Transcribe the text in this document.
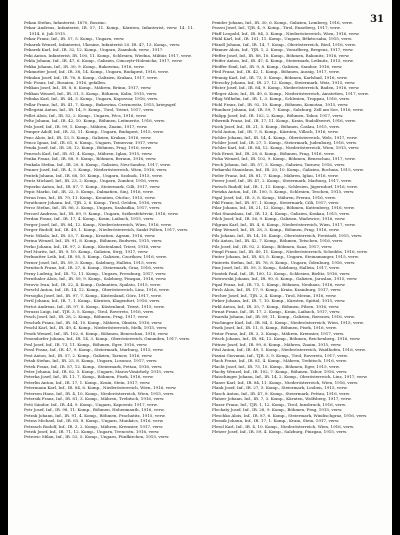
31
Pekan Stefan, Infanterist, 1870, Roszinc.
Pekar Andreas, Infanterist, IR. 57, 11. Komp., Kärnten, Infanterist, verw. 14. 11. 1914, 6. Juli 1915.
Pekar Franz, Inf., IR. 57, 5. Komp., Ungarn, verw.
Pekarek Wenzel, Infanterist, Ukraine, Infanterist 20. IR. 47, 13. Komp., verw.
Pekarek Karl, Inf., IR. 32, 12. Komp., Ungarn, Zsambok, verw., 1917.
Peki Anton, Infanterist, IR. 100, 11. Komp., Schlesien, Wiedna, Militär, 1917, verw.
Pekla Johann, Inf., IR. 47, 6. Komp., Galizien, Cimczytr-Holenicha, 1917, verw.
Pekka Johann, Inf., IR. 30, 9. Komp., Bukowina, 1916, verw.
Pekmutter Josef, Inf., IR. 38, 14. Komp., Ungarn, Budapest, 1916, verw.
Pekulan Josef, Inf., IR. 76, 8. Komp., Galizien, Krakau, 1917, verw.
Pelc Franz, Inf., Bosnien, 1916, gefallen.
Pelikan Josef, Inf., IR. 8, 6. Komp., Mähren, Brünn, 1917, verw.
Pelikan Wenzel, Inf., IR. 31, 5. Komp., Böhmen, Kolin, 1915, verw.
Pelinka Karl, Inf., IR. 44, 3. Komp., Ungarn, Kaposvar, 1916, verw.
Pellar Franz, Inf., IR. 41, 7. Komp., Bukowina, Czernowitz, 1915, kriegsgef.
Pellegrini Anton, Inf., IR. 14, 9. Komp., Tirol, Trient, 1917, verw.
Pellet Alois, Inf., IR. 52, 2. Komp., Ungarn, Pécs, 1916, verw.
Peltz Johann, Inf., IR. 42, 10. Komp., Böhmen, Leitmeritz, 1916, verw.
Pelz Josef, Inf., IR. 99, 1. Komp., Mähren, Znaim, 1917, verw.
Pemper Adolf, Inf., IR. 32, 11. Komp., Ungarn, Budapest, 1915, verw.
Penc Alois, Inf., IR. 13, 5. Komp., Galizien, Krakau, 1916, verw.
Pencz Ignaz, Inf., IR. 61, 6. Komp., Ungarn, Temesvar, 1917, verw.
Penda Josef, Inf., IR. 28, 12. Komp., Böhmen, Prag, 1916, verw.
Penesch Karl, Inf., IR. 81, 4. Komp., Mähren, Iglau, 1915, verw.
Penka Franz, Inf., IR. 88, 9. Komp., Böhmen, Beraun, 1916, verw.
Penkala Stefan, Inf., IR. 20, 8. Komp., Galizien, Neu-Sandez, 1917, verw.
Penner Josef, Inf., IR. 4, 3. Komp., Niederösterreich, Wien, 1916, verw.
Pentek Johann, Inf., IR. 68, 10. Komp., Ungarn, Szolnok, 1915, verw.
Pentz Michael, Inf., IR. 23, 2. Komp., Ungarn, Zombor, 1916, verw.
Peperko Anton, Inf., IR. 87, 7. Komp., Steiermark, Cilli, 1917, verw.
Pepic Marko, Inf., IR. 22, 5. Komp., Dalmatien, Sinj, 1916, verw.
Peran Ivan, Inf., IR. 79, 11. Komp., Kroatien, Otočac, 1915, verw.
Perathoner Johann, Inf., TJR. 2, 6. Komp., Tirol, Gröden, 1916, verw.
Percz Stefan, Inf., IR. 86, 3. Komp., Ungarn, Szabadka, 1917, verw.
Perczel Andreas, Inf., IR. 69, 9. Komp., Ungarn, Székesfehérvár, 1916, verw.
Perdan Franz, Inf., IR. 17, 4. Komp., Krain, Laibach, 1915, verw.
Perger Josef, Inf., IR. 84, 12. Komp., Niederösterreich, Wien, 1916, verw.
Perger Rudolf, Inf., IR. 49, 1. Komp., Niederösterreich, Sankt Pölten, 1917, verw.
Peric Nikola, Inf., IR. 53, 7. Komp., Kroatien, Agram, 1916, verw.
Perina Wenzel, Inf., IR. 91, 8. Komp., Böhmen, Budweis, 1915, verw.
Perko Johann, Inf., IR. 97, 2. Komp., Küstenland, Triest, 1916, verw.
Perl Moritz, Inf., IR. 9, 10. Komp., Galizien, Stryj, 1917, verw.
Perlmutter Leib, Inf., IR. 95, 5. Komp., Galizien, Czortkow, 1916, verw.
Perner Josef, Inf., IR. 59, 3. Komp., Salzburg, Hallein, 1915, verw.
Pernitsch Franz, Inf., IR. 27, 6. Komp., Steiermark, Graz, 1916, verw.
Perny Ludwig, Inf., IR. 72, 11. Komp., Ungarn, Pressburg, 1917, verw.
Pernthaler Alois, Inf., IR. 59, 9. Komp., Salzburg, Pinzgau, 1916, verw.
Perovic Ivan, Inf., IR. 22, 4. Komp., Dalmatien, Spalato, 1915, verw.
Perschl Anton, Inf., IR. 14, 12. Komp., Oberösterreich, Linz, 1916, verw.
Persoglia Josef, Inf., IR. 97, 7. Komp., Küstenland, Görz, 1917, verw.
Pertl Johann, Inf., IR. 7, 1. Komp., Kärnten, Klagenfurt, 1916, verw.
Pertot Andreas, Inf., IR. 97, 8. Komp., Küstenland, Triest, 1915, verw.
Peruzzi Luigi, Inf., TJR. 3, 5. Komp., Tirol, Rovereto, 1916, verw.
Pesch Josef, Inf., IR. 28, 2. Komp., Böhmen, Prag, 1917, verw.
Peschek Franz, Inf., IR. 54, 10. Komp., Mähren, Olmütz, 1916, verw.
Peschl Karl, Inf., IR. 49, 4. Komp., Niederösterreich, Melk, 1915, verw.
Pesek Wenzel, Inf., IR. 102, 6. Komp., Böhmen, Beneschau, 1916, verw.
Pesendorfer Johann, Inf., IR. 14, 3. Komp., Oberösterreich, Gmunden, 1917, verw.
Pesl Josef, Inf., IR. 73, 11. Komp., Böhmen, Eger, 1916, verw.
Pessl Franz, Inf., IR. 47, 9. Komp., Steiermark, Marburg, 1915, verw.
Pest Anton, Inf., IR. 57, 2. Komp., Galizien, Tarnow, 1916, verw.
Petak Stefan, Inf., IR. 25, 8. Komp., Ungarn, Losoncz, 1917, verw.
Petek Franz, Inf., IR. 87, 12. Komp., Steiermark, Pettau, 1916, verw.
Peter Johann, Inf., IR. 62, 5. Komp., Ungarn, Maros-Vásárhely, 1915, verw.
Peterka Josef, Inf., IR. 11, 7. Komp., Böhmen, Pisek, 1916, verw.
Peterlin Anton, Inf., IR. 17, 1. Komp., Krain, Stein, 1917, verw.
Petermann Karl, Inf., IR. 84, 6. Komp., Niederösterreich, Wien, 1916, verw.
Petersen Hans, Inf., IR. 4, 10. Komp., Niederösterreich, Wien, 1915, verw.
Petersik Franz, Inf., IR. 81, 3. Komp., Mähren, Trebitsch, 1916, verw.
Petö Sándor, Inf., IR. 44, 9. Komp., Ungarn, Kaposvár, 1917, verw.
Petr Josef, Inf., IR. 98, 11. Komp., Böhmen, Hohenmauth, 1916, verw.
Petrak Johann, Inf., IR. 91, 4. Komp., Böhmen, Prachatitz, 1915, verw.
Petras Michael, Inf., IR. 65, 8. Komp., Ungarn, Munkács, 1916, verw.
Petrasch Rudolf, Inf., IR. 3, 2. Komp., Mähren, Kremsier, 1917, verw.
Petrik Josef, Inf., IR. 71, 12. Komp., Ungarn, Trencsén, 1916, verw.
Petrovic Milan, Inf., IR. 52, 5. Komp., Ungarn, Fünfkirchen, 1915, verw.
Pexider Johann, Inf., IR. 30, 6. Komp., Galizien, Lemberg, 1916, verw.
Pezzei Josef, Inf., TJR. 4, 9. Komp., Tirol, Enneberg, 1917, verw.
Pfaff Leopold, Inf., IR. 84, 3. Komp., Niederösterreich, Wien, 1916, verw.
Pfahl Karl, Inf., IR. 101, 11. Komp., Ungarn, Békéscsaba, 1915, verw.
Pfandl Johann, Inf., IR. 14, 7. Komp., Oberösterreich, Ried, 1916, verw.
Pfanner Alois, Inf., TJR. 1, 2. Komp., Vorarlberg, Bregenz, 1917, verw.
Pfeffer Josef, Inf., IR. 88, 10. Komp., Böhmen, Rakonitz, 1916, verw.
Pfeifer Anton, Inf., IR. 47, 4. Komp., Steiermark, Leibnitz, 1915, verw.
Pfeiffer Emil, Inf., IR. 9, 8. Komp., Galizien, Sambor, 1916, verw.
Pfeil Franz, Inf., IR. 42, 1. Komp., Böhmen, Aussig, 1917, verw.
Pfennig Karl, Inf., IR. 73, 5. Komp., Böhmen, Karlsbad, 1916, verw.
Pferschy Johann, Inf., IR. 27, 12. Komp., Steiermark, Weiz, 1915, verw.
Pfister Josef, Inf., IR. 84, 9. Komp., Niederösterreich, Baden, 1916, verw.
Pfleger Alois, Inf., IR. 49, 6. Komp., Niederösterreich, Amstetten, 1917, verw.
Pflug Wilhelm, Inf., IR. 1, 3. Komp., Schlesien, Troppau, 1916, verw.
Pfohl Franz, Inf., IR. 92, 10. Komp., Böhmen, Komotau, 1915, verw.
Pfundner Johann, Inf., IR. 59, 7. Komp., Salzburg, Zell am See, 1916, verw.
Philipp Josef, Inf., IR. 102, 2. Komp., Böhmen, Tabor, 1917, verw.
Pibernik Franz, Inf., IR. 17, 11. Komp., Krain, Rudolfswert, 1916, verw.
Picek Josef, Inf., IR. 21, 5. Komp., Böhmen, Časlau, 1915, verw.
Pichl Anton, Inf., IR. 7, 8. Komp., Kärnten, Villach, 1916, verw.
Pichler Johann, Inf., IR. 14, 4. Komp., Oberösterreich, Wels, 1917, verw.
Pichler Josef, Inf., IR. 27, 1. Komp., Steiermark, Judenburg, 1916, verw.
Pichler Karl, Inf., IR. 84, 12. Komp., Niederösterreich, Wien, 1915, verw.
Pick Ernst, Inf., IR. 28, 6. Komp., Böhmen, Prag, 1916, verw.
Picka Wenzel, Inf., IR. 102, 9. Komp., Böhmen, Beneschau, 1917, verw.
Piech Johann, Inf., IR. 57, 3. Komp., Galizien, Tarnow, 1916, verw.
Piekarski Stanislaus, Inf., IR. 20, 10. Komp., Galizien, Bochnia, 1915, verw.
Pieler Franz, Inf., IR. 81, 7. Komp., Mähren, Iglau, 1916, verw.
Pierer Josef, Inf., IR. 47, 2. Komp., Steiermark, Marburg, 1917, verw.
Pietsch Rudolf, Inf., IR. 1, 11. Komp., Schlesien, Jägerndorf, 1916, verw.
Pietzka Anton, Inf., IR. 100, 5. Komp., Schlesien, Teschen, 1915, verw.
Pigal Josef, Inf., IR. 3, 8. Komp., Mähren, Prerau, 1916, verw.
Pikl Franz, Inf., IR. 87, 1. Komp., Steiermark, Cilli, 1917, verw.
Pilar Johann, Inf., IR. 21, 12. Komp., Böhmen, Kuttenberg, 1916, verw.
Pilat Stanislaus, Inf., IR. 13, 4. Komp., Galizien, Krakau, 1915, verw.
Pilch Josef, Inf., IR. 56, 9. Komp., Galizien, Wadowice, 1916, verw.
Pilgram Karl, Inf., IR. 4, 6. Komp., Niederösterreich, Wien, 1917, verw.
Pilny Wenzel, Inf., IR. 28, 3. Komp., Böhmen, Prag, 1916, verw.
Pils Johann, Inf., IR. 14, 10. Komp., Oberösterreich, Freistadt, 1915, verw.
Pilz Anton, Inf., IR. 42, 7. Komp., Böhmen, Tetschen, 1916, verw.
Pilz Josef, Inf., IR. 92, 2. Komp., Böhmen, Saaz, 1917, verw.
Pimpl Franz, Inf., IR. 49, 11. Komp., Niederösterreich, Scheibbs, 1916, verw.
Pinter Johann, Inf., IR. 83, 5. Komp., Ungarn, Steinamanger, 1915, verw.
Pinterits Stefan, Inf., IR. 76, 8. Komp., Ungarn, Ödenburg, 1916, verw.
Pinz Josef, Inf., IR. 59, 3. Komp., Salzburg, Hallein, 1917, verw.
Piontek Paul, Inf., IR. 100, 12. Komp., Schlesien, Bielitz, 1916, verw.
Piotrowski Johann, Inf., IR. 90, 6. Komp., Galizien, Jaroslau, 1915, verw.
Pipal Franz, Inf., IR. 75, 1. Komp., Böhmen, Neuhaus, 1916, verw.
Pirch Alois, Inf., IR. 17, 9. Komp., Krain, Krainburg, 1917, verw.
Pircher Josef, Inf., TJR. 2, 4. Komp., Tirol, Meran, 1916, verw.
Pirker Johann, Inf., IR. 7, 10. Komp., Kärnten, Spittal, 1915, verw.
Pirkl Anton, Inf., IR. 35, 7. Komp., Böhmen, Pilsen, 1916, verw.
Pirnat Franz, Inf., IR. 17, 2. Komp., Krain, Laibach, 1917, verw.
Pisarski Johann, Inf., IR. 89, 11. Komp., Galizien, Rzeszow, 1916, verw.
Pischinger Karl, Inf., IR. 84, 5. Komp., Niederösterreich, Wien, 1915, verw.
Pisek Josef, Inf., IR. 11, 8. Komp., Böhmen, Pisek, 1916, verw.
Pistor Franz, Inf., IR. 3, 3. Komp., Mähren, Kremsier, 1917, verw.
Pitsch Johann, Inf., IR. 94, 12. Komp., Böhmen, Reichenberg, 1916, verw.
Pittner Josef, Inf., IR. 99, 6. Komp., Mähren, Znaim, 1915, verw.
Pitzl Anton, Inf., IR. 49, 1. Komp., Niederösterreich, Waidhofen, 1916, verw.
Pizzini Giovanni, Inf., TJR. 3, 9. Komp., Tirol, Rovereto, 1917, verw.
Plach Franz, Inf., IR. 81, 4. Komp., Mähren, Trebitsch, 1916, verw.
Placht Josef, Inf., IR. 73, 10. Komp., Böhmen, Eger, 1915, verw.
Plachy Wenzel, Inf., IR. 102, 7. Komp., Böhmen, Tabor, 1916, verw.
Plaischinger Johann, Inf., IR. 14, 2. Komp., Oberösterreich, Linz, 1917, verw.
Planer Karl, Inf., IR. 84, 11. Komp., Niederösterreich, Wien, 1916, verw.
Plank Josef, Inf., IR. 27, 5. Komp., Steiermark, Leoben, 1915, verw.
Plasch Anton, Inf., IR. 47, 8. Komp., Steiermark, Pettau, 1916, verw.
Platzer Johann, Inf., IR. 7, 3. Komp., Kärnten, Wolfsberg, 1917, verw.
Plazer Franz, Inf., TJR. 1, 12. Komp., Tirol, Innsbruck, 1916, verw.
Plechaty Josef, Inf., IR. 28, 9. Komp., Böhmen, Prag, 1915, verw.
Pleschko Alois, Inf., IR. 87, 6. Komp., Steiermark, Windischgraz, 1916, verw.
Plesnik Johann, Inf., IR. 17, 1. Komp., Krain, Stein, 1917, verw.
Plessl Karl, Inf., IR. 4, 10. Komp., Niederösterreich, Wien, 1916, verw.
Pletzer Josef, Inf., IR. 59, 4. Komp., Salzburg, Pinzgau, 1915, verw.
